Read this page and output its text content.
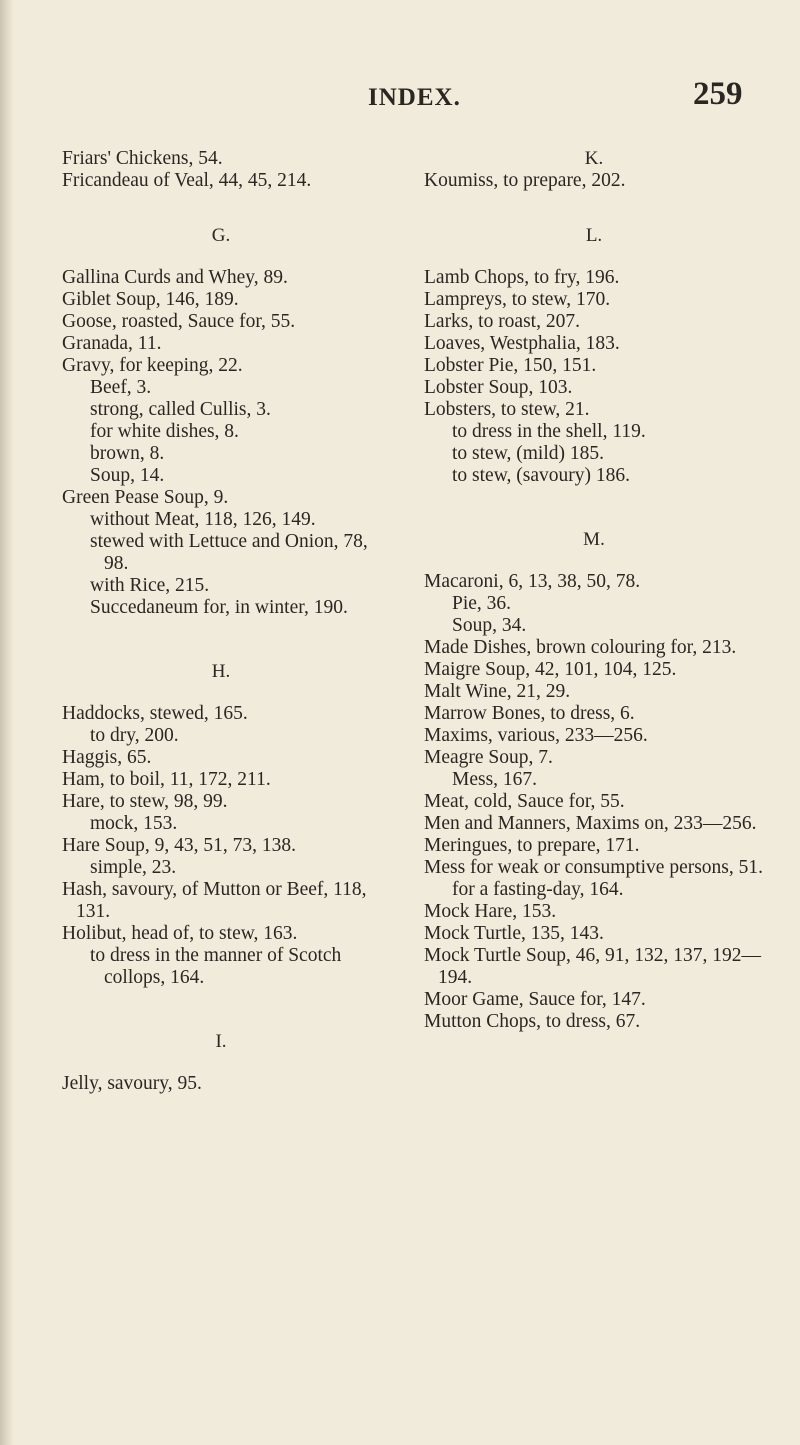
INDEX.	259
Friars' Chickens, 54.
Fricandeau of Veal, 44, 45, 214.
G.
Gallina Curds and Whey, 89.
Giblet Soup, 146, 189.
Goose, roasted, Sauce for, 55.
Granada, 11.
Gravy, for keeping, 22.
Beef, 3.
strong, called Cullis, 3.
for white dishes, 8.
brown, 8.
Soup, 14.
Green Pease Soup, 9.
without Meat, 118, 126, 149.
stewed with Lettuce and Onion, 78, 98.
with Rice, 215.
Succedaneum for, in winter, 190.
H.
Haddocks, stewed, 165.
to dry, 200.
Haggis, 65.
Ham, to boil, 11, 172, 211.
Hare, to stew, 98, 99.
mock, 153.
Hare Soup, 9, 43, 51, 73, 138.
simple, 23.
Hash, savoury, of Mutton or Beef, 118, 131.
Holibut, head of, to stew, 163.
to dress in the manner of Scotch collops, 164.
I.
Jelly, savoury, 95.
K.
Koumiss, to prepare, 202.
L.
Lamb Chops, to fry, 196.
Lampreys, to stew, 170.
Larks, to roast, 207.
Loaves, Westphalia, 183.
Lobster Pie, 150, 151.
Lobster Soup, 103.
Lobsters, to stew, 21.
to dress in the shell, 119.
to stew, (mild) 185.
to stew, (savoury) 186.
M.
Macaroni, 6, 13, 38, 50, 78.
Pie, 36.
Soup, 34.
Made Dishes, brown colouring for, 213.
Maigre Soup, 42, 101, 104, 125.
Malt Wine, 21, 29.
Marrow Bones, to dress, 6.
Maxims, various, 233—256.
Meagre Soup, 7.
Mess, 167.
Meat, cold, Sauce for, 55.
Men and Manners, Maxims on, 233—256.
Meringues, to prepare, 171.
Mess for weak or consumptive persons, 51.
for a fasting-day, 164.
Mock Hare, 153.
Mock Turtle, 135, 143.
Mock Turtle Soup, 46, 91, 132, 137, 192—194.
Moor Game, Sauce for, 147.
Mutton Chops, to dress, 67.
